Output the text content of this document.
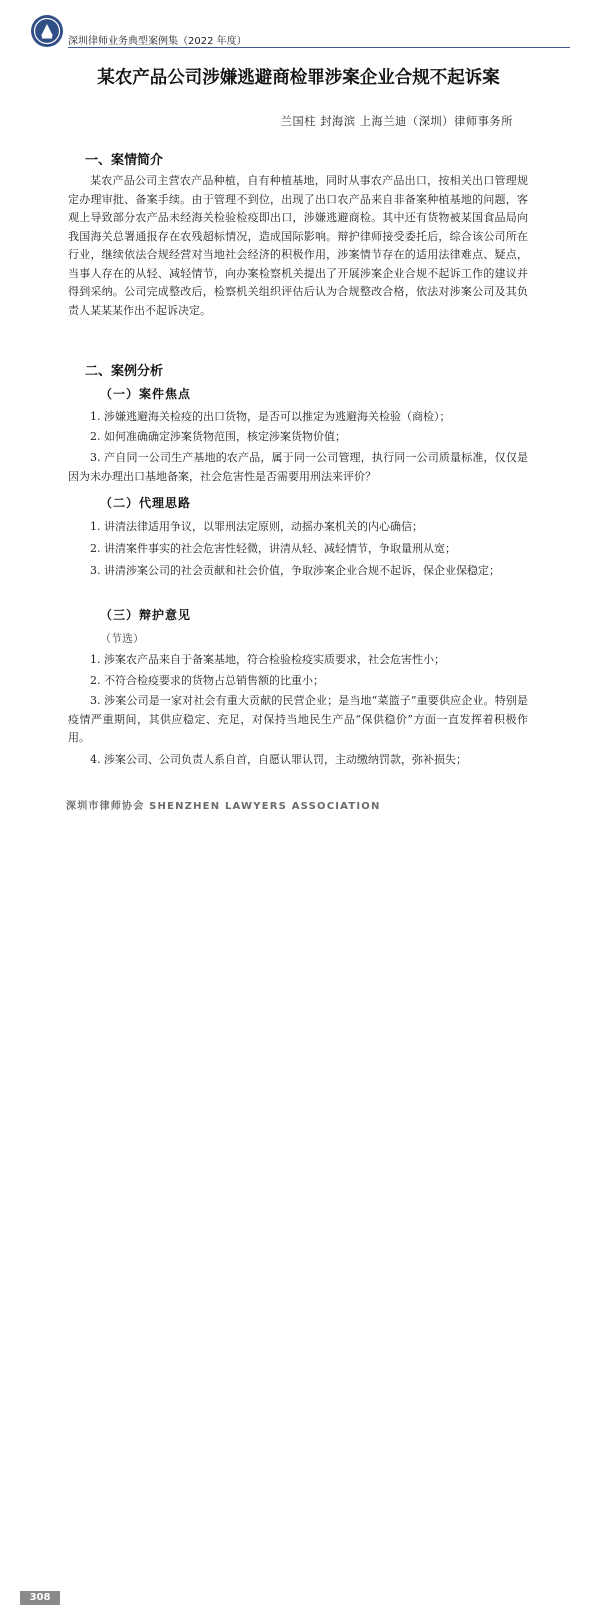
深圳律师业务典型案例集（2022 年度）
某农产品公司涉嫌逃避商检罪涉案企业合规不起诉案
兰国柱 封海滨 上海兰迪（深圳）律师事务所
一、案情简介
某农产品公司主营农产品种植，自有种植基地，同时从事农产品出口，按相关出口管理规定办理审批、备案手续。由于管理不到位，出现了出口农产品来自非备案种植基地的问题，客观上导致部分农产品未经海关检验检疫即出口，涉嫌逃避商检。其中还有货物被某国食品局向我国海关总署通报存在农残超标情况，造成国际影响。辩护律师接受委托后，综合该公司所在行业，继续依法合规经营对当地社会经济的积极作用，涉案情节存在的适用法律难点、疑点，当事人存在的从轻、减轻情节，向办案检察机关提出了开展涉案企业合规不起诉工作的建议并得到采纳。公司完成整改后，检察机关组织评估后认为合规整改合格，依法对涉案公司及其负责人某某某作出不起诉决定。
二、案例分析
（一）案件焦点
1. 涉嫌逃避海关检疫的出口货物，是否可以推定为逃避海关检验（商检）；
2. 如何准确确定涉案货物范围，核定涉案货物价值；
3. 产自同一公司生产基地的农产品，属于同一公司管理，执行同一公司质量标准，仅仅是因为未办理出口基地备案，社会危害性是否需要用刑法来评价？
（二）代理思路
1. 讲清法律适用争议，以罪刑法定原则，动摇办案机关的内心确信；
2. 讲清案件事实的社会危害性轻微，讲清从轻、减轻情节，争取量刑从宽；
3. 讲清涉案公司的社会贡献和社会价值，争取涉案企业合规不起诉，保企业保稳定；
（三）辩护意见
（节选）
1. 涉案农产品来自于备案基地，符合检验检疫实质要求，社会危害性小；
2. 不符合检疫要求的货物占总销售额的比重小；
3. 涉案公司是一家对社会有重大贡献的民营企业；是当地“菜篮子”重要供应企业。特别是疫情严重期间，其供应稳定、充足，对保持当地民生产品“保供稳价”方面一直发挥着积极作用。
4. 涉案公司、公司负责人系自首，自愿认罪认罚，主动缴纳罚款，弥补损失；
308
深圳市律师协会 SHENZHEN LAWYERS ASSOCIATION
